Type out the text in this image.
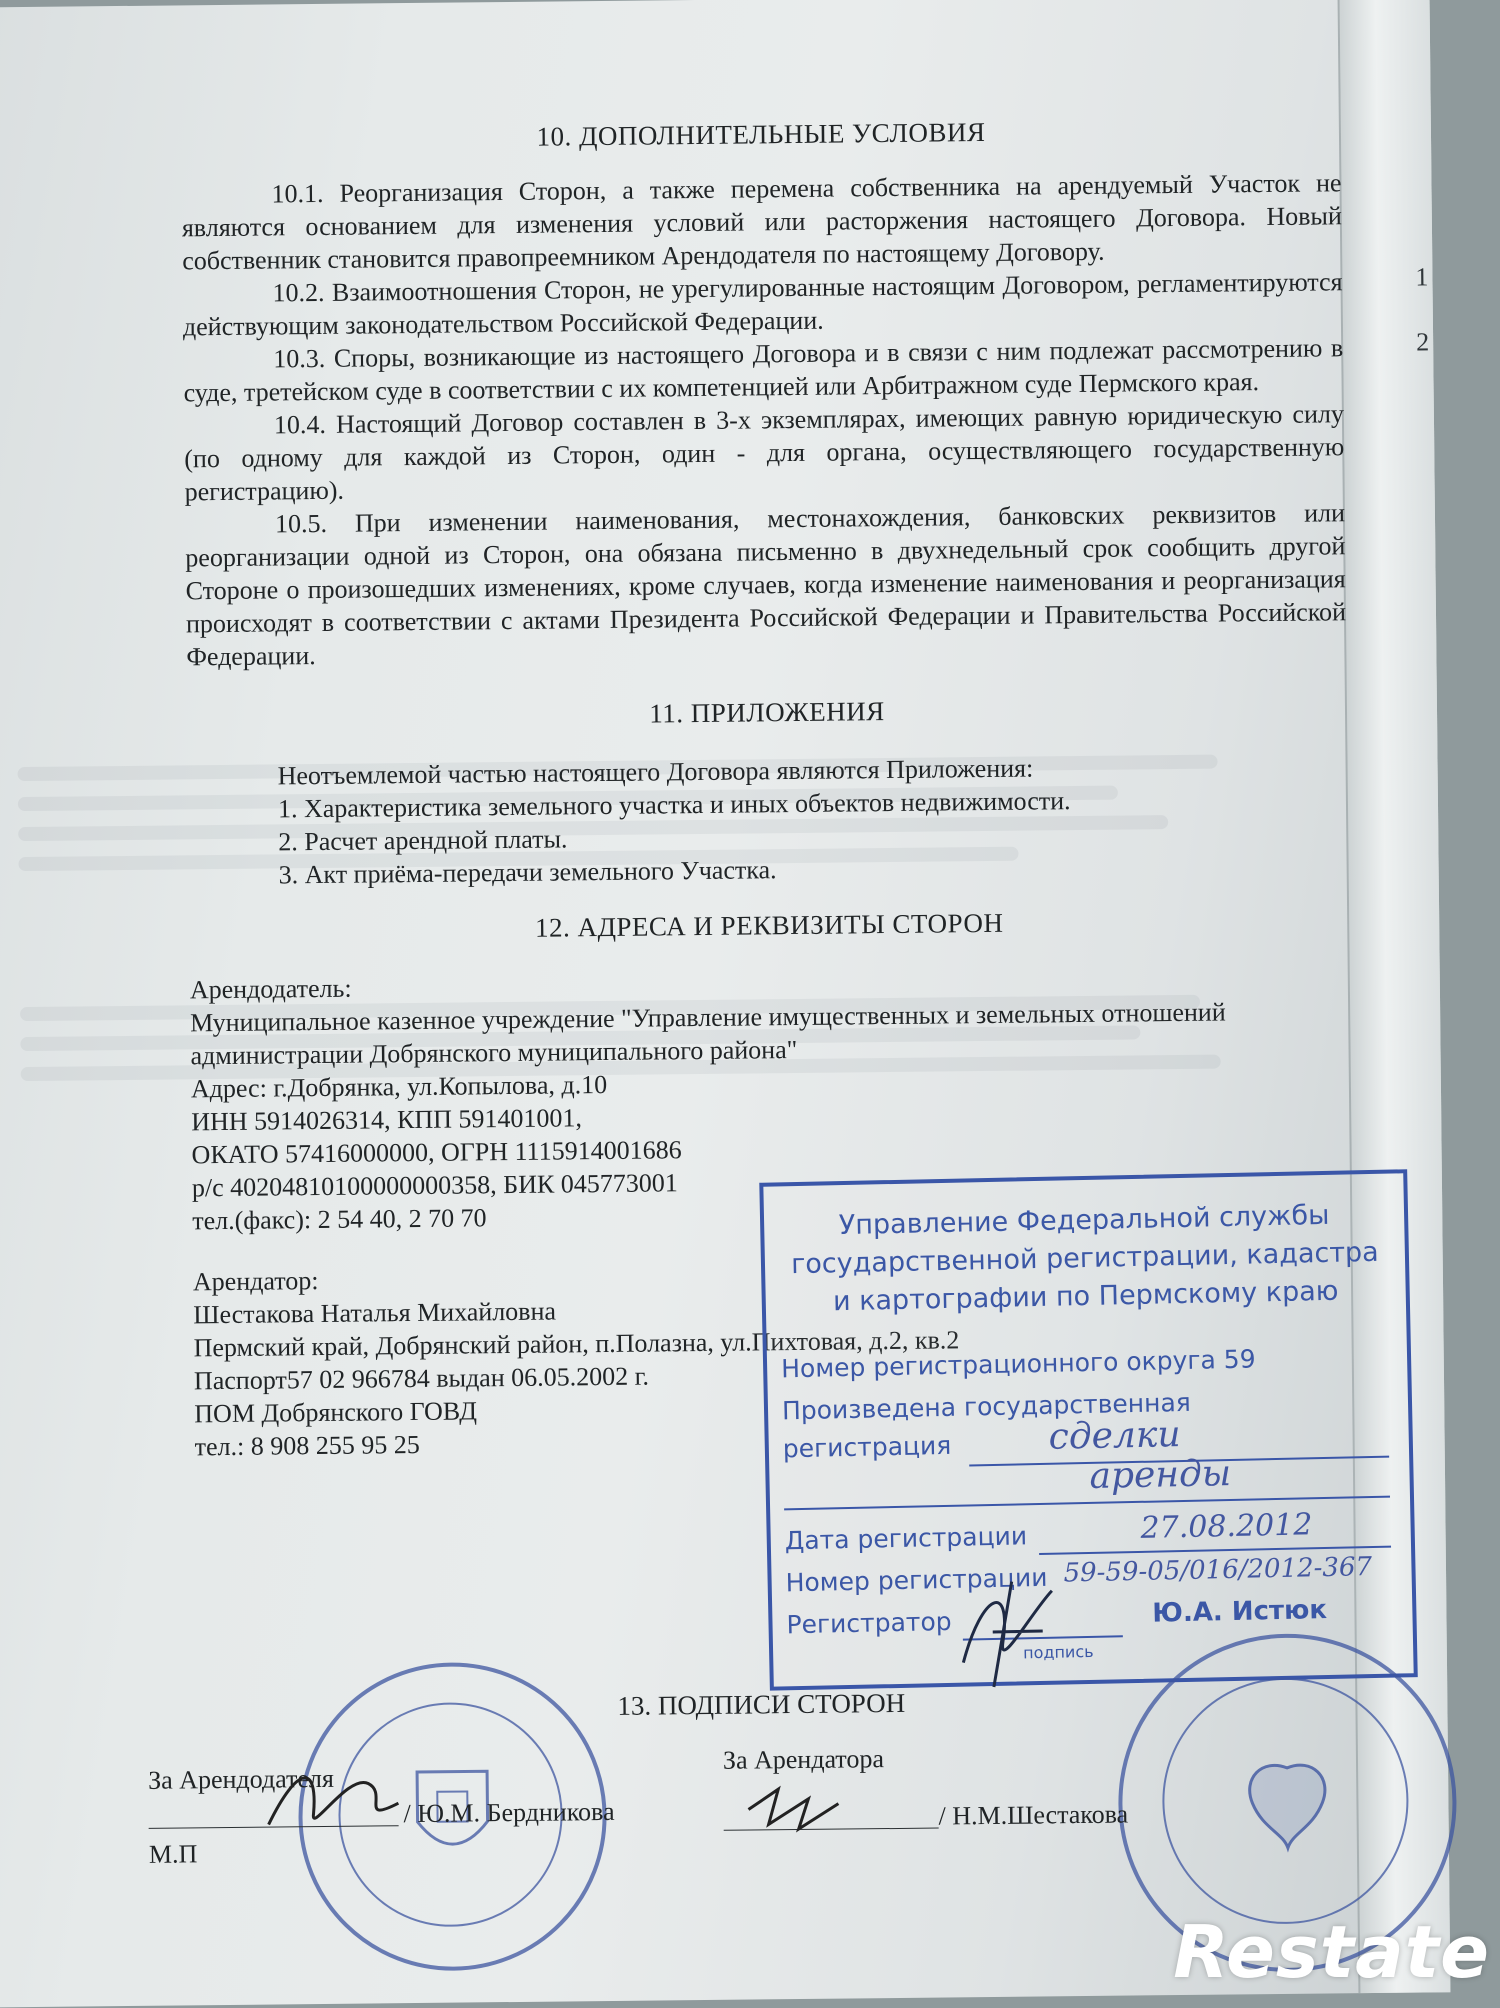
1
2
10. ДОПОЛНИТЕЛЬНЫЕ УСЛОВИЯ

10.1. Реорганизация Сторон, а также перемена собственника на арендуемый Участок не являются основанием для изменения условий или расторжения настоящего Договора. Новый собственник становится правопреемником Арендодателя по настоящему Договору.

10.2. Взаимоотношения Сторон, не урегулированные настоящим Договором, регламентируются действующим законодательством Российской Федерации.

10.3. Споры, возникающие из настоящего Договора и в связи с ним подлежат рассмотрению в суде, третейском суде в соответствии с их компетенцией или Арбитражном суде Пермского края.

10.4. Настоящий Договор составлен в 3-х экземплярах, имеющих равную юридическую силу (по одному для каждой из Сторон, один - для органа, осуществляющего государственную регистрацию).

10.5. При изменении наименования, местонахождения, банковских реквизитов или реорганизации одной из Сторон, она обязана письменно в двухнедельный срок сообщить другой Стороне о произошедших изменениях, кроме случаев, когда изменение наименования и реорганизация происходят в соответствии с актами Президента Российской Федерации и Правительства Российской Федерации.

11. ПРИЛОЖЕНИЯ

Неотъемлемой частью настоящего Договора являются Приложения:

1. Характеристика земельного участка и иных объектов недвижимости.

2. Расчет арендной платы.

3. Акт приёма-передачи земельного Участка.

12. АДРЕСА И РЕКВИЗИТЫ СТОРОН

Арендодатель:

Муниципальное казенное учреждение "Управление имущественных и земельных отношений

администрации Добрянского муниципального района"

Адрес: г.Добрянка, ул.Копылова, д.10

ИНН 5914026314, КПП 591401001,

ОКАТО 57416000000, ОГРН 1115914001686

р/с 40204810100000000358, БИК 045773001

тел.(факс): 2 54 40, 2 70 70

Арендатор:

Шестакова Наталья Михайловна

Пермский край, Добрянский район, п.Полазна, ул.Пихтовая, д.2, кв.2

Паспорт57 02 966784 выдан 06.05.2002 г.

ПОМ Добрянского ГОВД

тел.: 8 908 255 95 25

Управление Федеральной службы
государственной регистрации, кадастра
и картографии по Пермскому краю
Номер регистрационного округа 59
Произведена государственная
регистрация	сделки
аренды
Дата регистрации	27.08.2012
Номер регистрации 59-59-05/016/2012-367
Регистратор
подпись
Ю.А. Истюк
13. ПОДПИСИ СТОРОН
За Арендодателя
/ Ю.М. Бердникова
М.П
За Арендатора
/ Н.М.Шестакова
Restate
